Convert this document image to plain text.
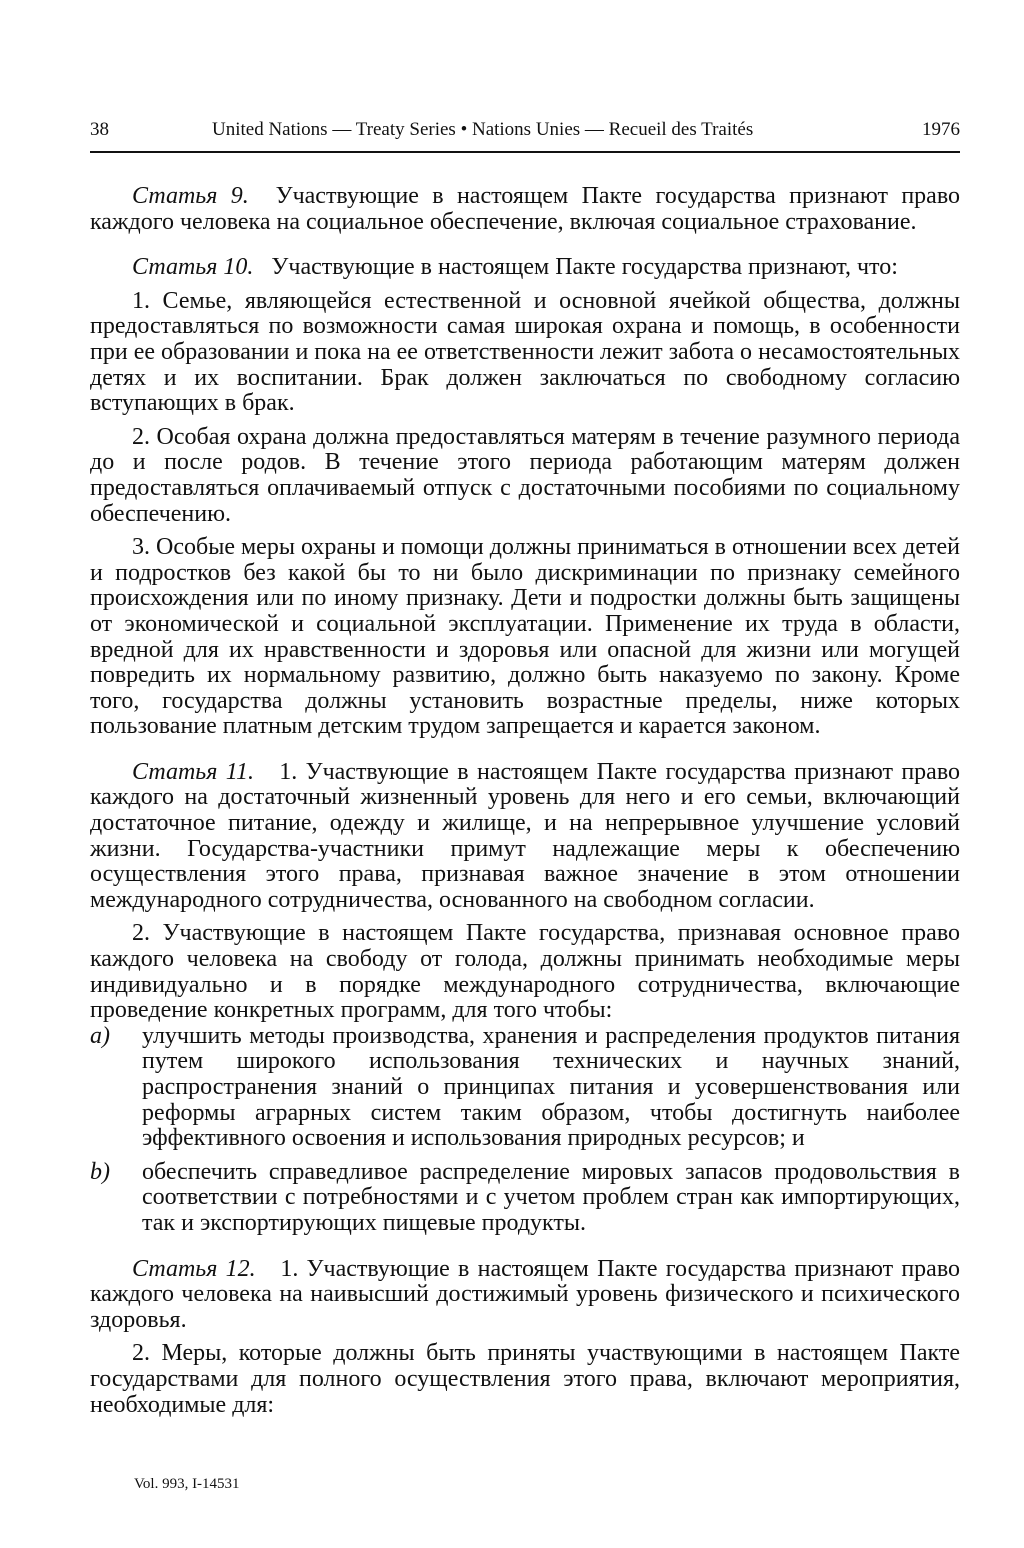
38	United Nations — Treaty Series • Nations Unies — Recueil des Traités	1976

Статья 9. Участвующие в настоящем Пакте государства признают право каждого человека на социальное обеспечение, включая социальное страхование.

Статья 10. Участвующие в настоящем Пакте государства признают, что:

1. Семье, являющейся естественной и основной ячейкой общества, должны предоставляться по возможности самая широкая охрана и помощь, в особенности при ее образовании и пока на ее ответственности лежит забота о несамостоятельных детях и их воспитании. Брак должен заключаться по свободному согласию вступающих в брак.

2. Особая охрана должна предоставляться матерям в течение разумного периода до и после родов. В течение этого периода работающим матерям должен предоставляться оплачиваемый отпуск с достаточными пособиями по социальному обеспечению.

3. Особые меры охраны и помощи должны приниматься в отношении всех детей и подростков без какой бы то ни было дискриминации по признаку семейного происхождения или по иному признаку. Дети и подростки должны быть защищены от экономической и социальной эксплуатации. Применение их труда в области, вредной для их нравственности и здоровья или опасной для жизни или могущей повредить их нормальному развитию, должно быть наказуемо по закону. Кроме того, государства должны установить возрастные пределы, ниже которых пользование платным детским трудом запрещается и карается законом.

Статья 11. 1. Участвующие в настоящем Пакте государства признают право каждого на достаточный жизненный уровень для него и его семьи, включающий достаточное питание, одежду и жилище, и на непрерывное улучшение условий жизни. Государства-участники примут надлежащие меры к обеспечению осуществления этого права, признавая важное значение в этом отношении международного сотрудничества, основанного на свободном согласии.

2. Участвующие в настоящем Пакте государства, признавая основное право каждого человека на свободу от голода, должны принимать необходимые меры индивидуально и в порядке международного сотрудничества, включающие проведение конкретных программ, для того чтобы:

a) улучшить методы производства, хранения и распределения продуктов питания путем широкого использования технических и научных знаний, распространения знаний о принципах питания и усовершенствования или реформы аграрных систем таким образом, чтобы достигнуть наиболее эффективного освоения и использования природных ресурсов; и

b) обеспечить справедливое распределение мировых запасов продовольствия в соответствии с потребностями и с учетом проблем стран как импортирующих, так и экспортирующих пищевые продукты.

Статья 12. 1. Участвующие в настоящем Пакте государства признают право каждого человека на наивысший достижимый уровень физического и психического здоровья.

2. Меры, которые должны быть приняты участвующими в настоящем Пакте государствами для полного осуществления этого права, включают мероприятия, необходимые для:

Vol. 993, I-14531
